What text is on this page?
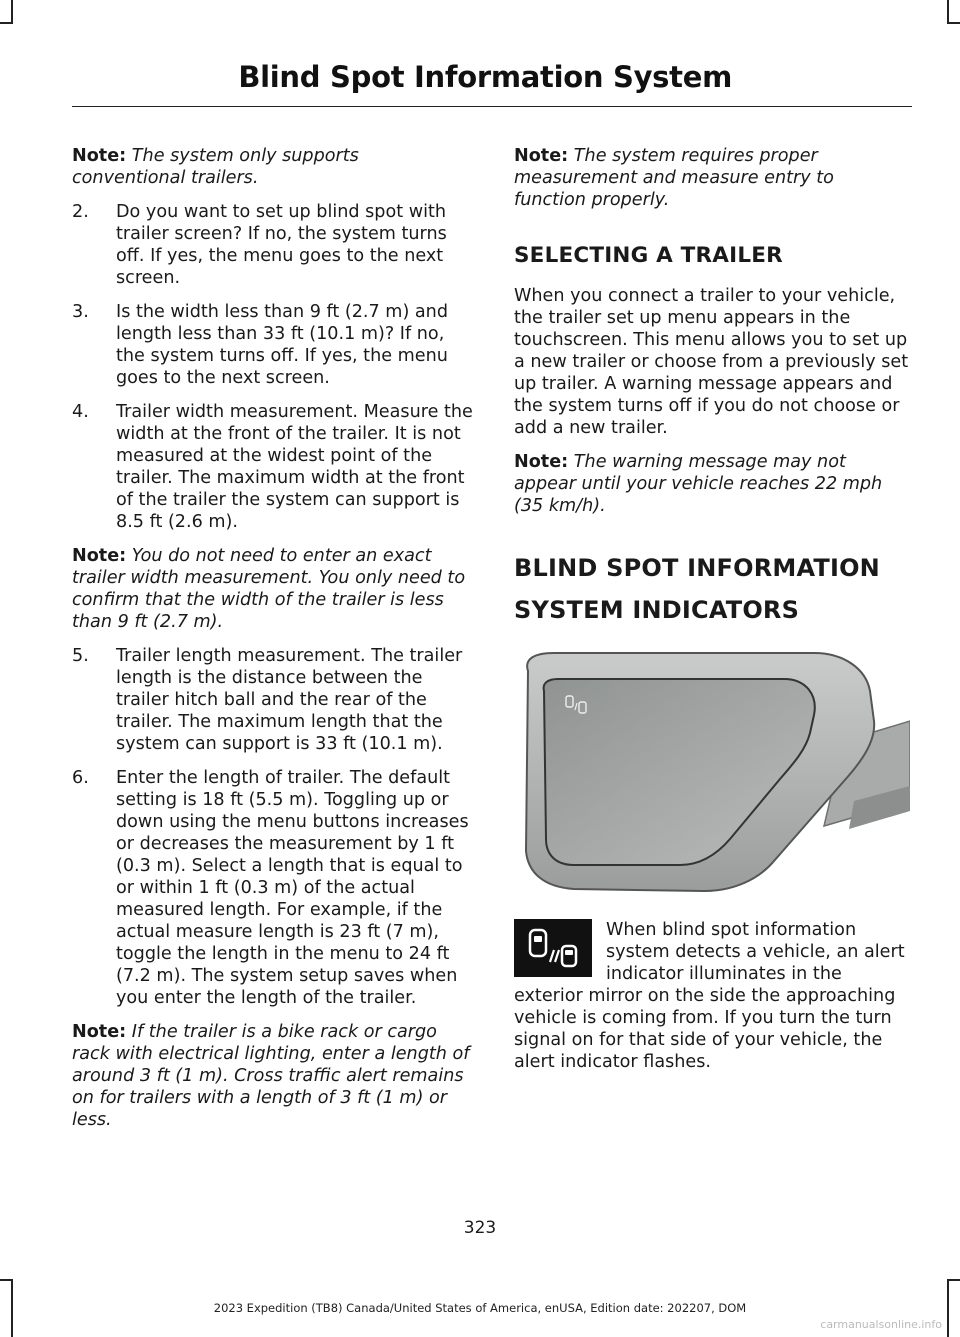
Blind Spot Information System

Note: The system only supports conventional trailers.

2.	Do you want to set up blind spot with trailer screen? If no, the system turns off. If yes, the menu goes to the next screen.
3.	Is the width less than 9 ft (2.7 m) and length less than 33 ft (10.1 m)? If no, the system turns off. If yes, the menu goes to the next screen.
4.	Trailer width measurement. Measure the width at the front of the trailer. It is not measured at the widest point of the trailer. The maximum width at the front of the trailer the system can support is 8.5 ft (2.6 m).

Note: You do not need to enter an exact trailer width measurement. You only need to confirm that the width of the trailer is less than 9 ft (2.7 m).

5.	Trailer length measurement. The trailer length is the distance between the trailer hitch ball and the rear of the trailer. The maximum length that the system can support is 33 ft (10.1 m).
6.	Enter the length of trailer. The default setting is 18 ft (5.5 m). Toggling up or down using the menu buttons increases or decreases the measurement by 1 ft (0.3 m). Select a length that is equal to or within 1 ft (0.3 m) of the actual measured length. For example, if the actual measure length is 23 ft (7 m), toggle the length in the menu to 24 ft (7.2 m). The system setup saves when you enter the length of the trailer.

Note: If the trailer is a bike rack or cargo rack with electrical lighting, enter a length of around 3 ft (1 m). Cross traffic alert remains on for trailers with a length of 3 ft (1 m) or less.

Note: The system requires proper measurement and measure entry to function properly.

SELECTING A TRAILER

When you connect a trailer to your vehicle, the trailer set up menu appears in the touchscreen. This menu allows you to set up a new trailer or choose from a previously set up trailer. A warning message appears and the system turns off if you do not choose or add a new trailer.

Note: The warning message may not appear until your vehicle reaches 22 mph (35 km/h).

BLIND SPOT INFORMATION
SYSTEM INDICATORS

When blind spot information system detects a vehicle, an alert indicator illuminates in the exterior mirror on the side the approaching vehicle is coming from. If you turn the turn signal on for that side of your vehicle, the alert indicator flashes.

323
2023 Expedition (TB8) Canada/United States of America, enUSA, Edition date: 202207, DOM
carmanualsonline.info
